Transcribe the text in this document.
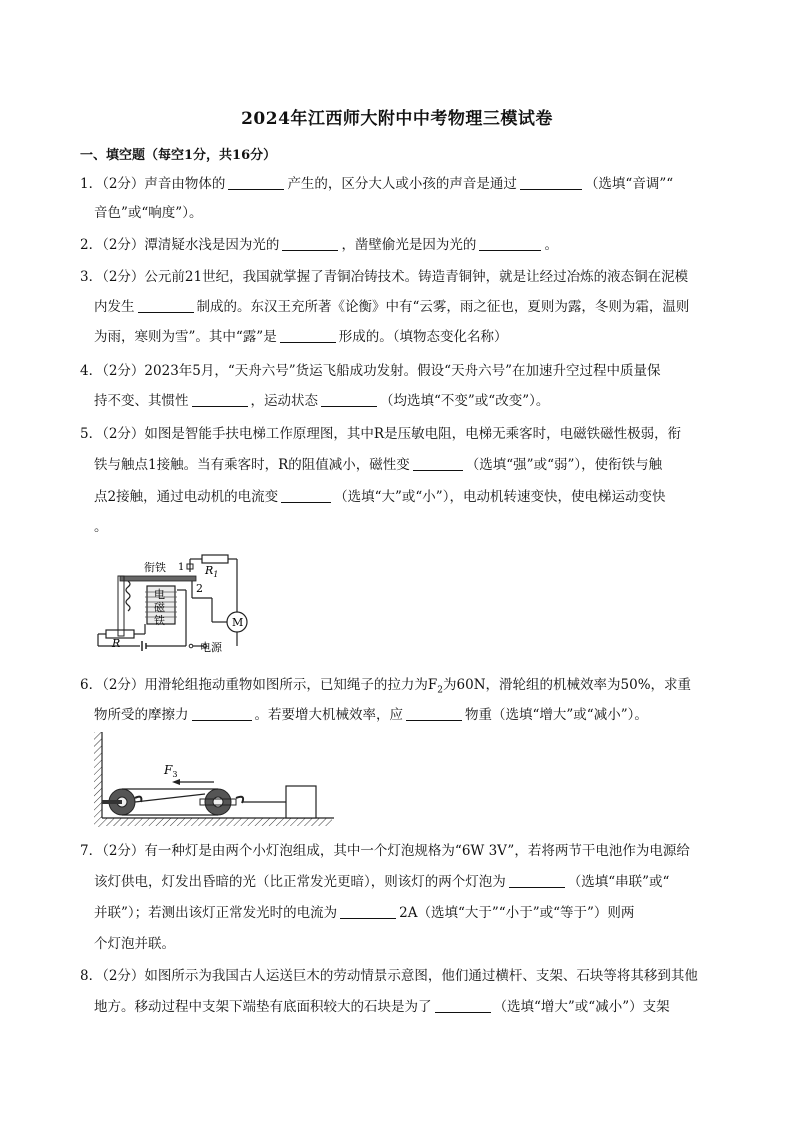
2024年江西师大附中中考物理三模试卷
一、填空题（每空1分，共16分）
1．（2分）声音由物体的	产生的，区分大人或小孩的声音是通过	（选填“音调”“
音色”或“响度”）。
2．（2分）潭清疑水浅是因为光的	，凿壁偷光是因为光的	。
3．（2分）公元前21世纪，我国就掌握了青铜冶铸技术。铸造青铜钟，就是让经过冶炼的液态铜在泥模
内发生	制成的。东汉王充所著《论衡》中有“云雾，雨之征也，夏则为露，冬则为霜，温则
为雨，寒则为雪”。其中“露”是	形成的。（填物态变化名称）
4．（2分）2023年5月，“天舟六号”货运飞船成功发射。假设“天舟六号”在加速升空过程中质量保
持不变、其惯性	，运动状态	（均选填“不变”或“改变”）。
5．（2分）如图是智能手扶电梯工作原理图，其中R是压敏电阻，电梯无乘客时，电磁铁磁性极弱，衔
铁与触点1接触。当有乘客时，R的阻值减小，磁性变	（选填“强”或“弱”），使衔铁与触
点2接触，通过电动机的电流变	（选填“大”或“小”），电动机转速变快，使电梯运动变快
。
$R_1$
1
2
衔铁
电
磁
铁
R
M
电源
6．（2分）用滑轮组拖动重物如图所示，已知绳子的拉力为$F_2$为60N，滑轮组的机械效率为50%，求重
物所受的摩擦力	。若要增大机械效率，应	物重（选填“增大”或“减小”）。
$F_3$
7．（2分）有一种灯是由两个小灯泡组成，其中一个灯泡规格为“6W 3V”，若将两节干电池作为电源给
该灯供电，灯发出昏暗的光（比正常发光更暗），则该灯的两个灯泡为	（选填“串联”或“
并联”）；若测出该灯正常发光时的电流为	2A（选填“大于”“小于”或“等于”）则两
个灯泡并联。
8．（2分）如图所示为我国古人运送巨木的劳动情景示意图，他们通过横杆、支架、石块等将其移到其他
地方。移动过程中支架下端垫有底面积较大的石块是为了	（选填“增大”或“减小”）支架
